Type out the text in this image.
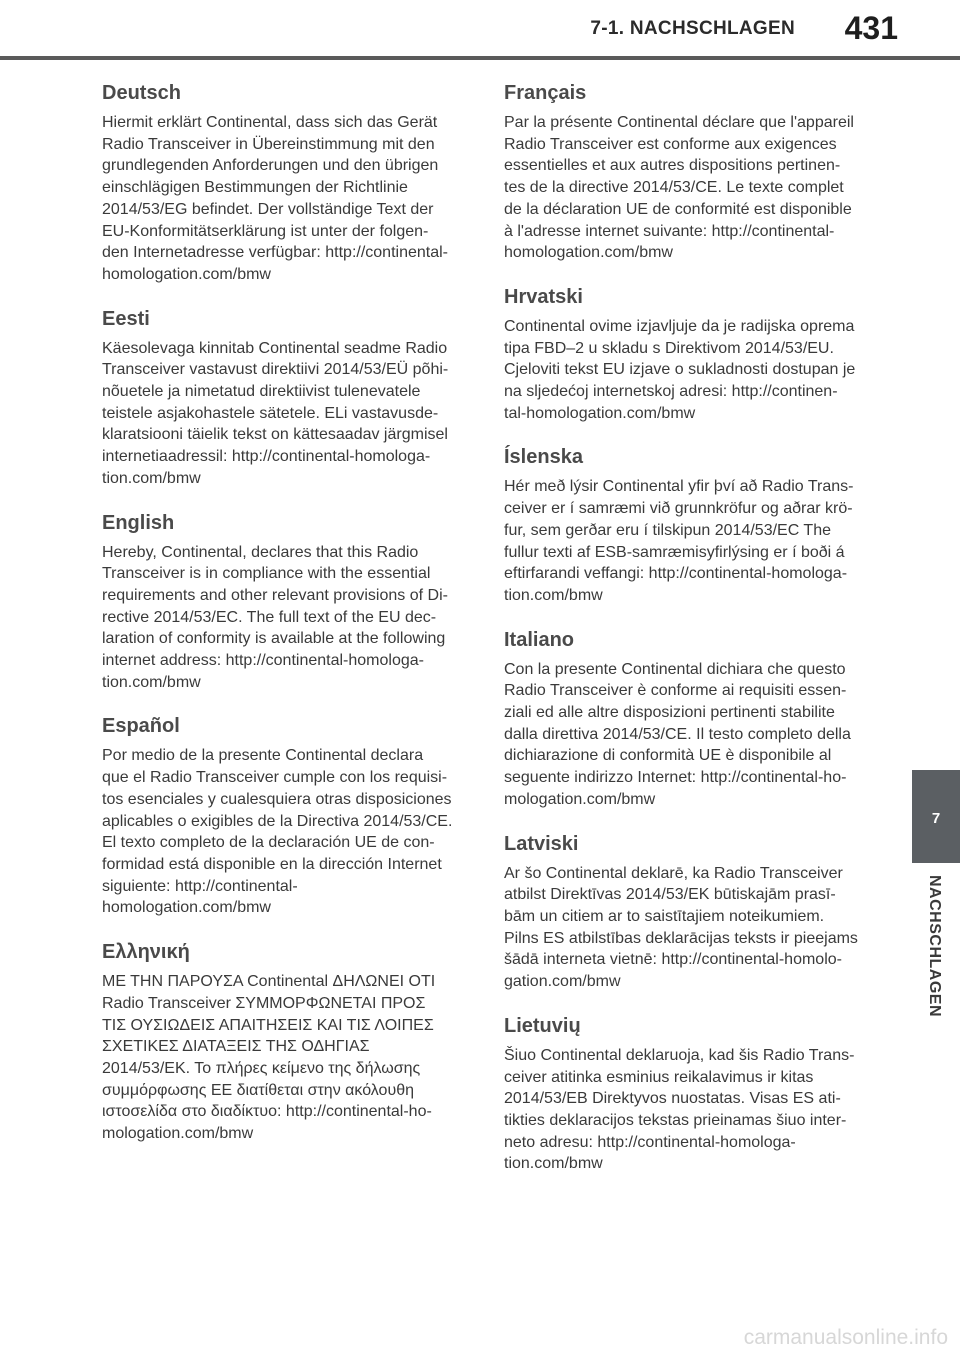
7-1. NACHSCHLAGEN 431
Deutsch

Hiermit erklärt Continental, dass sich das Gerät
Radio Transceiver in Übereinstimmung mit den
grundlegenden Anforderungen und den übrigen
einschlägigen Bestimmungen der Richtlinie
2014/53/EG befindet. Der vollständige Text der
EU-Konformitätserklärung ist unter der folgen-
den Internetadresse verfügbar: http://continental-
homologation.com/bmw

Eesti

Käesolevaga kinnitab Continental seadme Radio
Transceiver vastavust direktiivi 2014/53/EÜ põhi-
nõuetele ja nimetatud direktiivist tulenevatele
teistele asjakohastele sätetele. ELi vastavusde-
klaratsiooni täielik tekst on kättesaadav järgmisel
internetiaadressil: http://continental-homologa-
tion.com/bmw

English

Hereby, Continental, declares that this Radio
Transceiver is in compliance with the essential
requirements and other relevant provisions of Di-
rective 2014/53/EC. The full text of the EU dec-
laration of conformity is available at the following
internet address: http://continental-homologa-
tion.com/bmw

Español

Por medio de la presente Continental declara
que el Radio Transceiver cumple con los requisi-
tos esenciales y cualesquiera otras disposiciones
aplicables o exigibles de la Directiva 2014/53/CE.
El texto completo de la declaración UE de con-
formidad está disponible en la dirección Internet
siguiente: http://continental-
homologation.com/bmw

Ελληνική

ΜΕ ΤΗΝ ΠΑΡΟΥΣΑ Continental ΔΗΛΩΝΕΙ ΟΤΙ
Radio Transceiver ΣΥΜΜΟΡΦΩΝΕΤΑΙ ΠΡΟΣ
ΤΙΣ ΟΥΣΙΩΔΕΙΣ ΑΠΑΙΤΗΣΕΙΣ ΚΑΙ ΤΙΣ ΛΟΙΠΕΣ
ΣΧΕΤΙΚΕΣ ΔΙΑΤΑΞΕΙΣ ΤΗΣ ΟΔΗΓΙΑΣ
2014/53/ΕΚ. Το πλήρες κείμενο της δήλωσης
συμμόρφωσης ΕΕ διατίθεται στην ακόλουθη
ιστοσελίδα στο διαδίκτυο: http://continental-ho-
mologation.com/bmw

Français

Par la présente Continental déclare que l'appareil
Radio Transceiver est conforme aux exigences
essentielles et aux autres dispositions pertinen-
tes de la directive 2014/53/CE. Le texte complet
de la déclaration UE de conformité est disponible
à l'adresse internet suivante: http://continental-
homologation.com/bmw

Hrvatski

Continental ovime izjavljuje da je radijska oprema
tipa FBD–2 u skladu s Direktivom 2014/53/EU.
Cjeloviti tekst EU izjave o sukladnosti dostupan je
na sljedećoj internetskoj adresi: http://continen-
tal-homologation.com/bmw

Íslenska

Hér með lýsir Continental yfir því að Radio Trans-
ceiver er í samræmi við grunnkröfur og aðrar krö-
fur, sem gerðar eru í tilskipun 2014/53/EC The
fullur texti af ESB-samræmisyfirlýsing er í boði á
eftirfarandi veffangi: http://continental-homologa-
tion.com/bmw

Italiano

Con la presente Continental dichiara che questo
Radio Transceiver è conforme ai requisiti essen-
ziali ed alle altre disposizioni pertinenti stabilite
dalla direttiva 2014/53/CE. Il testo completo della
dichiarazione di conformità UE è disponibile al
seguente indirizzo Internet: http://continental-ho-
mologation.com/bmw

Latviski

Ar šo Continental deklarē, ka Radio Transceiver
atbilst Direktīvas 2014/53/EK būtiskajām prasī-
bām un citiem ar to saistītajiem noteikumiem.
Pilns ES atbilstības deklarācijas teksts ir pieejams
šādā interneta vietnē: http://continental-homolo-
gation.com/bmw

Lietuvių

Šiuo Continental deklaruoja, kad šis Radio Trans-
ceiver atitinka esminius reikalavimus ir kitas
2014/53/EB Direktyvos nuostatas. Visas ES ati-
tikties deklaracijos tekstas prieinamas šiuo inter-
neto adresu: http://continental-homologa-
tion.com/bmw

7
NACHSCHLAGEN
carmanualsonline.info
